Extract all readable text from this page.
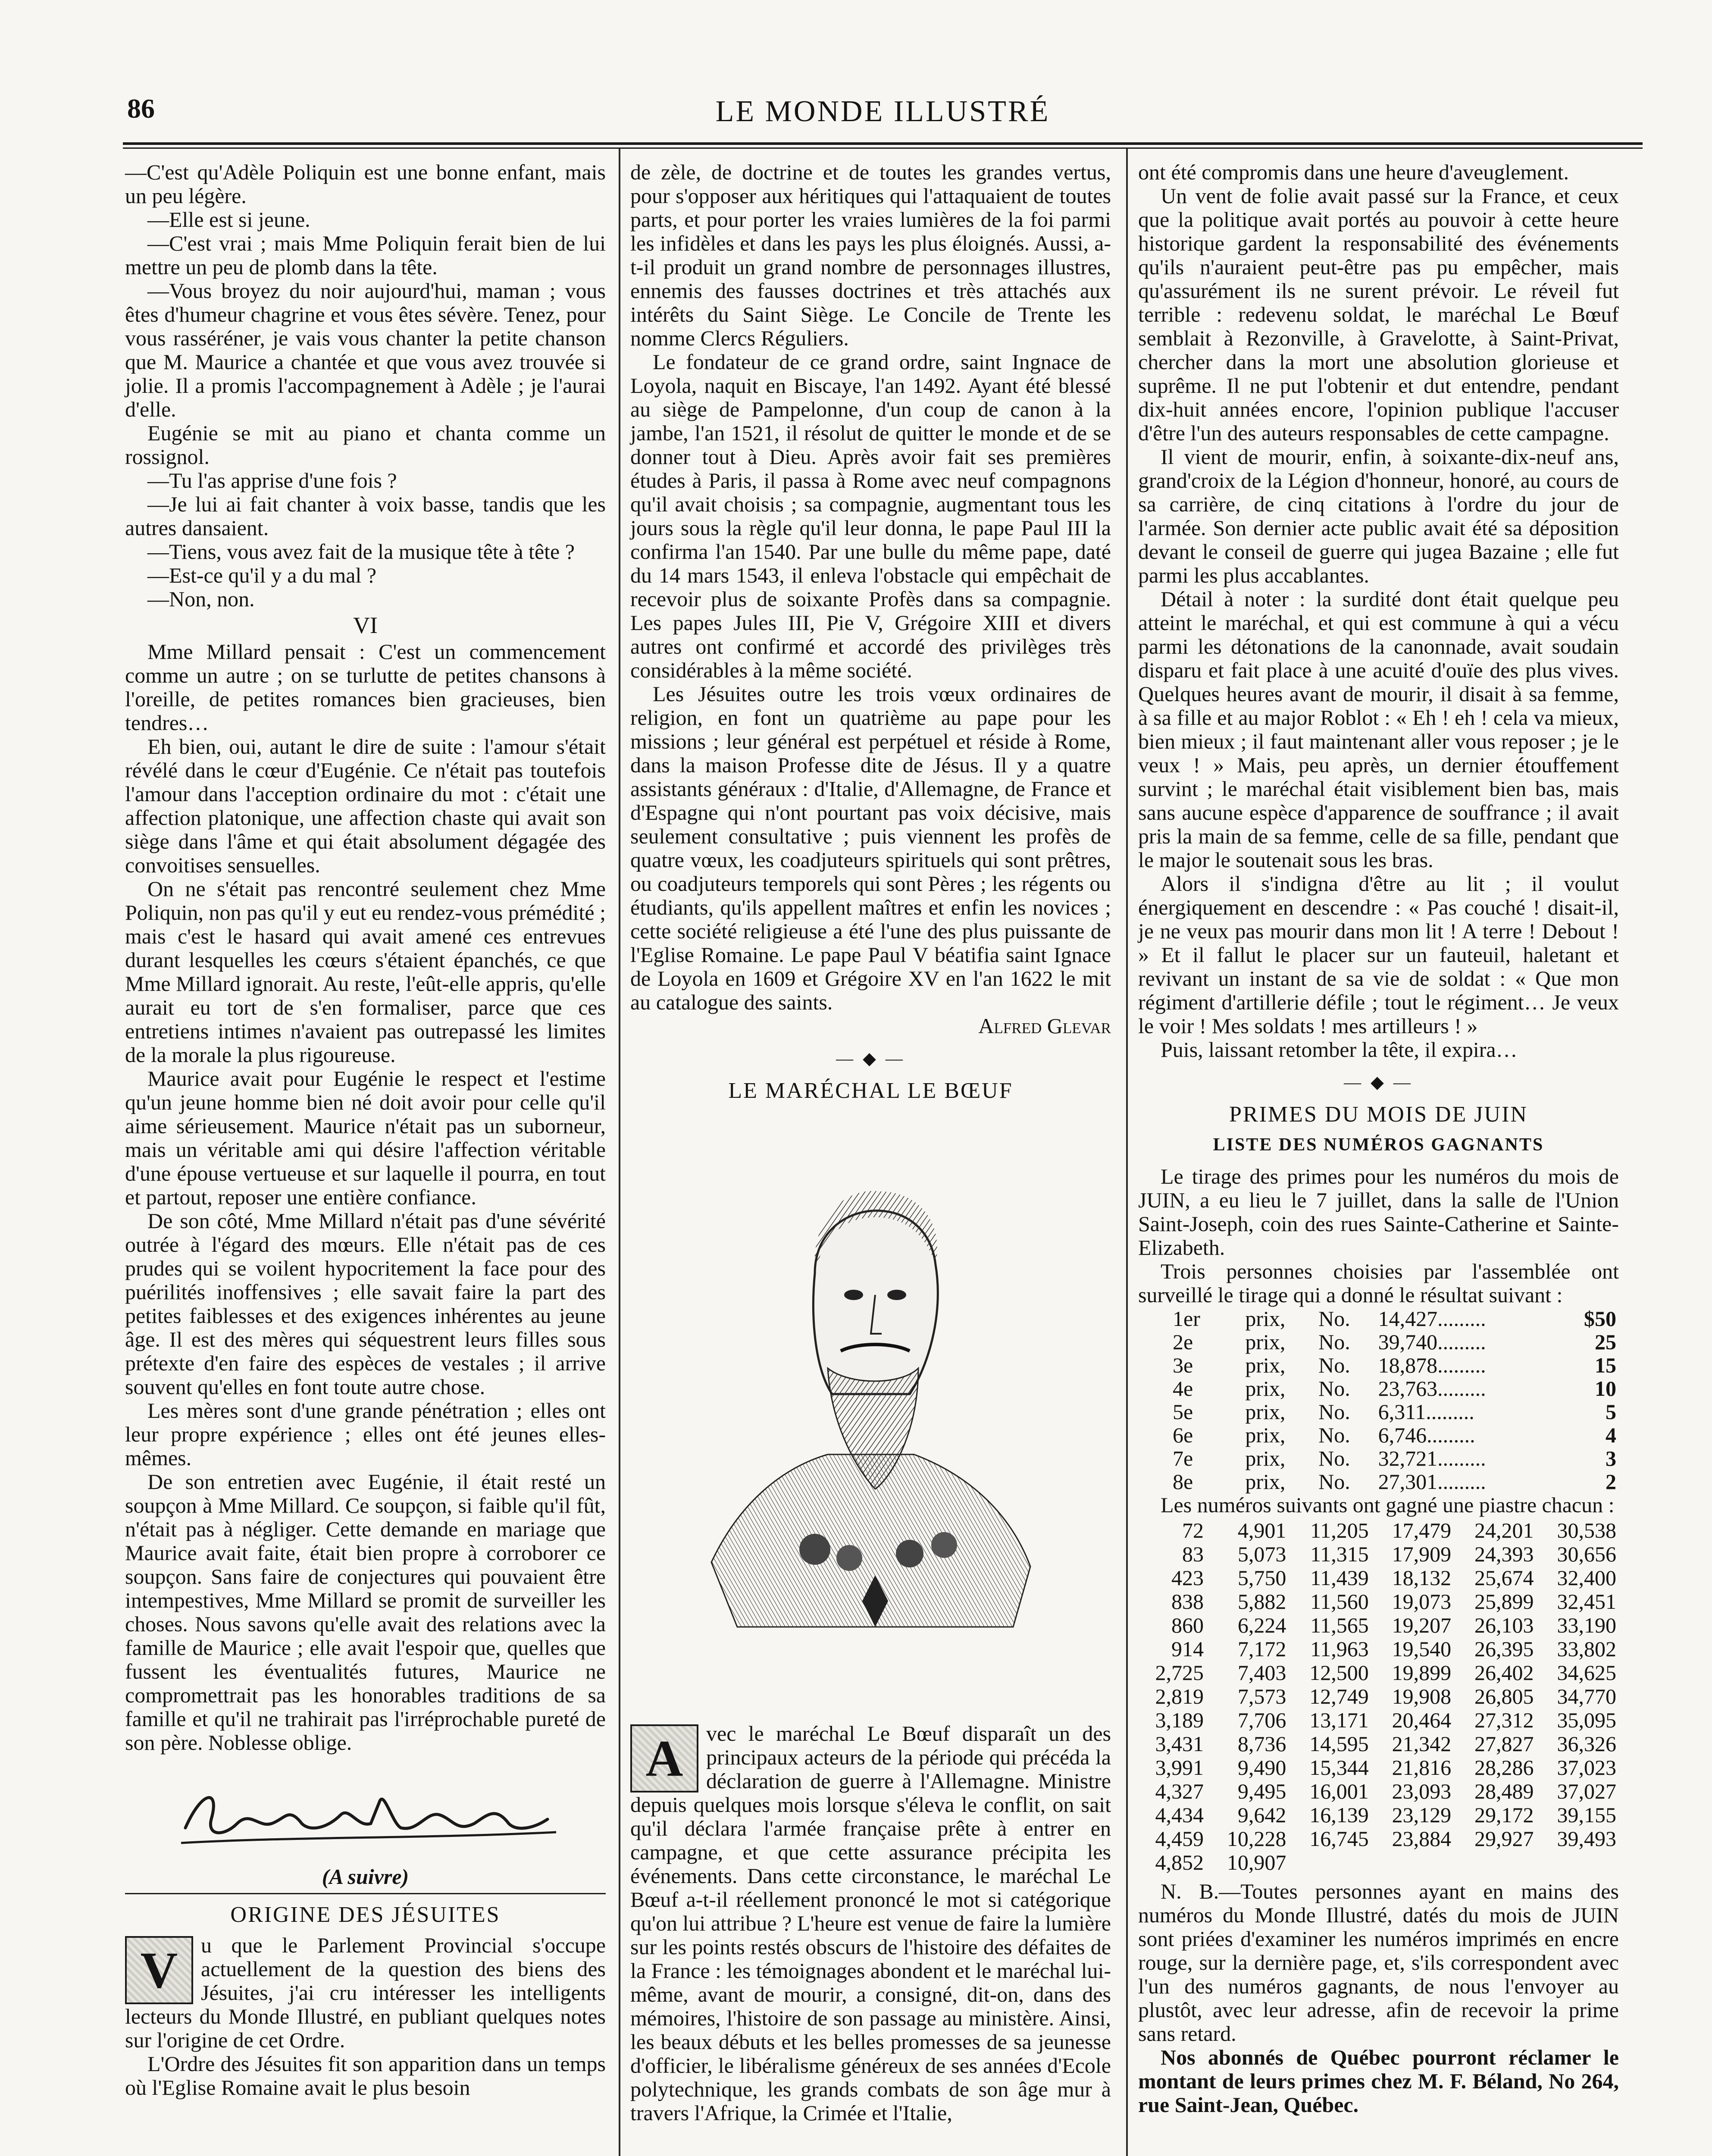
86	LE MONDE ILLUSTRÉ

—C'est qu'Adèle Poliquin est une bonne enfant, mais un peu légère.

—Elle est si jeune.

—C'est vrai ; mais Mme Poliquin ferait bien de lui mettre un peu de plomb dans la tête.

—Vous broyez du noir aujourd'hui, maman ; vous êtes d'humeur chagrine et vous êtes sévère. Tenez, pour vous rasséréner, je vais vous chanter la petite chanson que M. Maurice a chantée et que vous avez trouvée si jolie. Il a promis l'accompagnement à Adèle ; je l'aurai d'elle.

Eugénie se mit au piano et chanta comme un rossignol.

—Tu l'as apprise d'une fois ?

—Je lui ai fait chanter à voix basse, tandis que les autres dansaient.

—Tiens, vous avez fait de la musique tête à tête ?

—Est-ce qu'il y a du mal ?

—Non, non.

VI

Mme Millard pensait : C'est un commencement comme un autre ; on se turlutte de petites chansons à l'oreille, de petites romances bien gracieuses, bien tendres…

Eh bien, oui, autant le dire de suite : l'amour s'était révélé dans le cœur d'Eugénie. Ce n'était pas toutefois l'amour dans l'acception ordinaire du mot : c'était une affection platonique, une affection chaste qui avait son siège dans l'âme et qui était absolument dégagée des convoitises sensuelles.

On ne s'était pas rencontré seulement chez Mme Poliquin, non pas qu'il y eut eu rendez-vous prémédité ; mais c'est le hasard qui avait amené ces entrevues durant lesquelles les cœurs s'étaient épanchés, ce que Mme Millard ignorait. Au reste, l'eût-elle appris, qu'elle aurait eu tort de s'en formaliser, parce que ces entretiens intimes n'avaient pas outrepassé les limites de la morale la plus rigoureuse.

Maurice avait pour Eugénie le respect et l'estime qu'un jeune homme bien né doit avoir pour celle qu'il aime sérieusement. Maurice n'était pas un suborneur, mais un véritable ami qui désire l'affection véritable d'une épouse vertueuse et sur laquelle il pourra, en tout et partout, reposer une entière confiance.

De son côté, Mme Millard n'était pas d'une sévérité outrée à l'égard des mœurs. Elle n'était pas de ces prudes qui se voilent hypocritement la face pour des puérilités inoffensives ; elle savait faire la part des petites faiblesses et des exigences inhérentes au jeune âge. Il est des mères qui séquestrent leurs filles sous prétexte d'en faire des espèces de vestales ; il arrive souvent qu'elles en font toute autre chose.

Les mères sont d'une grande pénétration ; elles ont leur propre expérience ; elles ont été jeunes elles-mêmes.

De son entretien avec Eugénie, il était resté un soupçon à Mme Millard. Ce soupçon, si faible qu'il fût, n'était pas à négliger. Cette demande en mariage que Maurice avait faite, était bien propre à corroborer ce soupçon. Sans faire de conjectures qui pouvaient être intempestives, Mme Millard se promit de surveiller les choses. Nous savons qu'elle avait des relations avec la famille de Maurice ; elle avait l'espoir que, quelles que fussent les éventualités futures, Maurice ne compromettrait pas les honorables traditions de sa famille et qu'il ne trahirait pas l'irréprochable pureté de son père. Noblesse oblige.

(A suivre)

ORIGINE DES JÉSUITES

V	u que le Parlement Provincial s'occupe actuellement de la question des biens des Jésuites, j'ai cru intéresser les intelligents lecteurs du Monde Illustré, en publiant quelques notes sur l'origine de cet Ordre.

L'Ordre des Jésuites fit son apparition dans un temps où l'Eglise Romaine avait le plus besoin

de zèle, de doctrine et de toutes les grandes vertus, pour s'opposer aux héritiques qui l'attaquaient de toutes parts, et pour porter les vraies lumières de la foi parmi les infidèles et dans les pays les plus éloignés. Aussi, a-t-il produit un grand nombre de personnages illustres, ennemis des fausses doctrines et très attachés aux intérêts du Saint Siège. Le Concile de Trente les nomme Clercs Réguliers.

Le fondateur de ce grand ordre, saint Ingnace de Loyola, naquit en Biscaye, l'an 1492. Ayant été blessé au siège de Pampelonne, d'un coup de canon à la jambe, l'an 1521, il résolut de quitter le monde et de se donner tout à Dieu. Après avoir fait ses premières études à Paris, il passa à Rome avec neuf compagnons qu'il avait choisis ; sa compagnie, augmentant tous les jours sous la règle qu'il leur donna, le pape Paul III la confirma l'an 1540. Par une bulle du même pape, daté du 14 mars 1543, il enleva l'obstacle qui empêchait de recevoir plus de soixante Profès dans sa compagnie. Les papes Jules III, Pie V, Grégoire XIII et divers autres ont confirmé et accordé des privilèges très considérables à la même société.

Les Jésuites outre les trois vœux ordinaires de religion, en font un quatrième au pape pour les missions ; leur général est perpétuel et réside à Rome, dans la maison Professe dite de Jésus. Il y a quatre assistants généraux : d'Italie, d'Allemagne, de France et d'Espagne qui n'ont pourtant pas voix décisive, mais seulement consultative ; puis viennent les profès de quatre vœux, les coadjuteurs spirituels qui sont prêtres, ou coadjuteurs temporels qui sont Pères ; les régents ou étudiants, qu'ils appellent maîtres et enfin les novices ; cette société religieuse a été l'une des plus puissante de l'Eglise Romaine. Le pape Paul V béatifia saint Ignace de Loyola en 1609 et Grégoire XV en l'an 1622 le mit au catalogue des saints.

Alfred Glevar

— ◆ —
LE MARÉCHAL LE BŒUF

A	vec le maréchal Le Bœuf disparaît un des principaux acteurs de la période qui précéda la déclaration de guerre à l'Allemagne. Ministre depuis quelques mois lorsque s'éleva le conflit, on sait qu'il déclara l'armée française prête à entrer en campagne, et que cette assurance précipita les événements. Dans cette circonstance, le maréchal Le Bœuf a-t-il réellement prononcé le mot si catégorique qu'on lui attribue ? L'heure est venue de faire la lumière sur les points restés obscurs de l'histoire des défaites de la France : les témoignages abondent et le maréchal lui-même, avant de mourir, a consigné, dit-on, dans des mémoires, l'histoire de son passage au ministère. Ainsi, les beaux débuts et les belles promesses de sa jeunesse d'officier, le libéralisme généreux de ses années d'Ecole polytechnique, les grands combats de son âge mur à travers l'Afrique, la Crimée et l'Italie,

ont été compromis dans une heure d'aveuglement.

Un vent de folie avait passé sur la France, et ceux que la politique avait portés au pouvoir à cette heure historique gardent la responsabilité des événements qu'ils n'auraient peut-être pas pu empêcher, mais qu'assurément ils ne surent prévoir. Le réveil fut terrible : redevenu soldat, le maréchal Le Bœuf semblait à Rezonville, à Gravelotte, à Saint-Privat, chercher dans la mort une absolution glorieuse et suprême. Il ne put l'obtenir et dut entendre, pendant dix-huit années encore, l'opinion publique l'accuser d'être l'un des auteurs responsables de cette campagne.

Il vient de mourir, enfin, à soixante-dix-neuf ans, grand'croix de la Légion d'honneur, honoré, au cours de sa carrière, de cinq citations à l'ordre du jour de l'armée. Son dernier acte public avait été sa déposition devant le conseil de guerre qui jugea Bazaine ; elle fut parmi les plus accablantes.

Détail à noter : la surdité dont était quelque peu atteint le maréchal, et qui est commune à qui a vécu parmi les détonations de la canonnade, avait soudain disparu et fait place à une acuité d'ouïe des plus vives. Quelques heures avant de mourir, il disait à sa femme, à sa fille et au major Roblot : « Eh ! eh ! cela va mieux, bien mieux ; il faut maintenant aller vous reposer ; je le veux ! » Mais, peu après, un dernier étouffement survint ; le maréchal était visiblement bien bas, mais sans aucune espèce d'apparence de souffrance ; il avait pris la main de sa femme, celle de sa fille, pendant que le major le soutenait sous les bras.

Alors il s'indigna d'être au lit ; il voulut énergiquement en descendre : « Pas couché ! disait-il, je ne veux pas mourir dans mon lit ! A terre ! Debout ! » Et il fallut le placer sur un fauteuil, haletant et revivant un instant de sa vie de soldat : « Que mon régiment d'artillerie défile ; tout le régiment… Je veux le voir ! Mes soldats ! mes artilleurs ! »

Puis, laissant retomber la tête, il expira…

— ◆ —
PRIMES DU MOIS DE JUIN
LISTE DES NUMÉROS GAGNANTS

Le tirage des primes pour les numéros du mois de JUIN, a eu lieu le 7 juillet, dans la salle de l'Union Saint-Joseph, coin des rues Sainte-Catherine et Sainte-Elizabeth.

Trois personnes choisies par l'assemblée ont surveillé le tirage qui a donné le résultat suivant :

1er	prix,	No.	14,427.........	$50
2e	prix,	No.	39,740.........	25
3e	prix,	No.	18,878.........	15
4e	prix,	No.	23,763.........	10
5e	prix,	No.	6,311.........	5
6e	prix,	No.	6,746.........	4
7e	prix,	No.	32,721.........	3
8e	prix,	No.	27,301.........	2

Les numéros suivants ont gagné une piastre chacun :

72	4,901	11,205	17,479	24,201	30,538
83	5,073	11,315	17,909	24,393	30,656
423	5,750	11,439	18,132	25,674	32,400
838	5,882	11,560	19,073	25,899	32,451
860	6,224	11,565	19,207	26,103	33,190
914	7,172	11,963	19,540	26,395	33,802
2,725	7,403	12,500	19,899	26,402	34,625
2,819	7,573	12,749	19,908	26,805	34,770
3,189	7,706	13,171	20,464	27,312	35,095
3,431	8,736	14,595	21,342	27,827	36,326
3,991	9,490	15,344	21,816	28,286	37,023
4,327	9,495	16,001	23,093	28,489	37,027
4,434	9,642	16,139	23,129	29,172	39,155
4,459	10,228	16,745	23,884	29,927	39,493
4,852	10,907				

N. B.—Toutes personnes ayant en mains des numéros du Monde Illustré, datés du mois de JUIN sont priées d'examiner les numéros imprimés en encre rouge, sur la dernière page, et, s'ils correspondent avec l'un des numéros gagnants, de nous l'envoyer au plustôt, avec leur adresse, afin de recevoir la prime sans retard.

Nos abonnés de Québec pourront réclamer le montant de leurs primes chez M. F. Béland, No 264, rue Saint-Jean, Québec.
